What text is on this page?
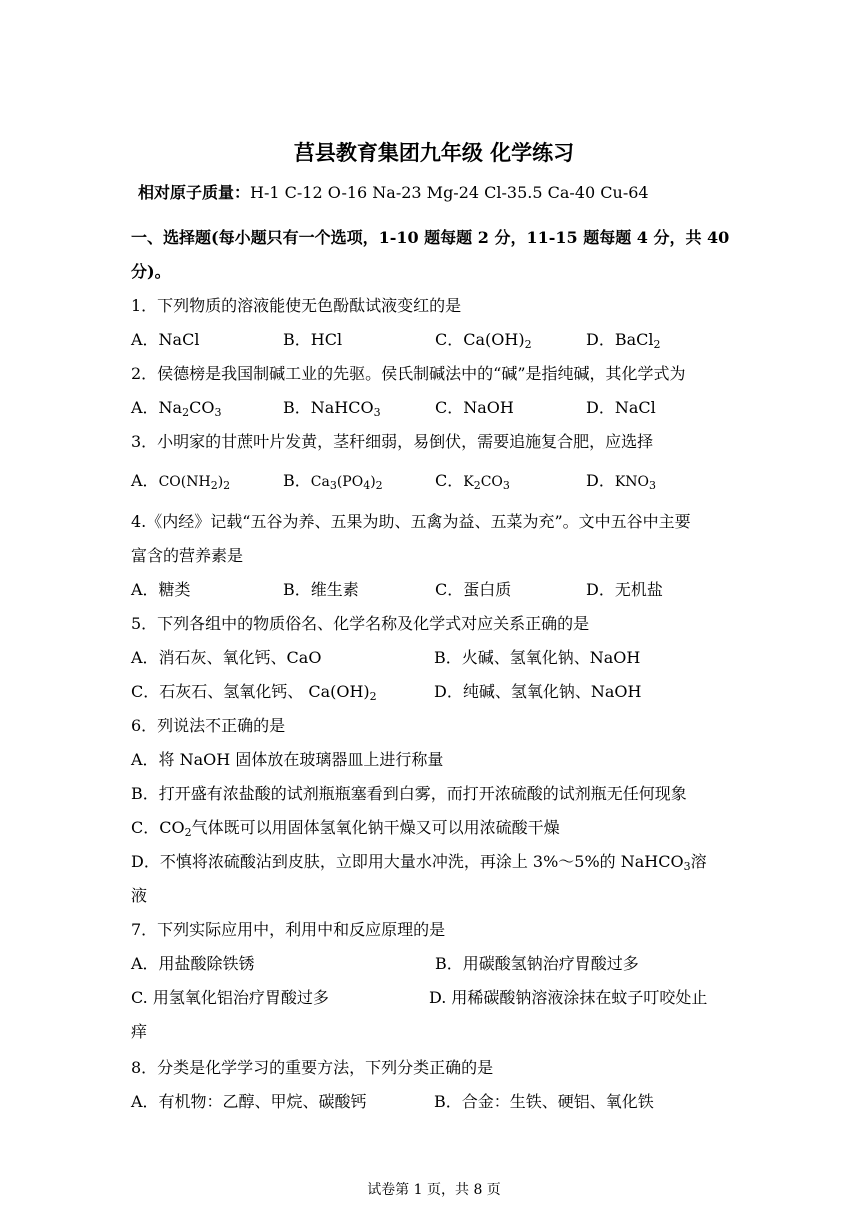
莒县教育集团九年级 化学练习
相对原子质量：H-1 C-12 O-16 Na-23 Mg-24 Cl-35.5 Ca-40 Cu-64
一、选择题(每小题只有一个选项，1-10 题每题 2 分，11-15 题每题 4 分，共 40
分)。
1．下列物质的溶液能使无色酚酞试液变红的是
A．NaCl	B．HCl	C．$Ca(OH)_2$	D．BaCl$_2$
2．侯德榜是我国制碱工业的先驱。侯氏制碱法中的“碱”是指纯碱，其化学式为
A．$Na_2CO_3$	B．NaHCO$_3$	C．NaOH	D．NaCl
3．小明家的甘蔗叶片发黄，茎秆细弱，易倒伏，需要追施复合肥，应选择
A．$CO(NH_2)_2$	B．$Ca_3(PO_4)_2$	C．$K_2CO_3$	D．$KNO_3$
4.《内经》记载“五谷为养、五果为助、五禽为益、五菜为充”。文中五谷中主要
富含的营养素是
A．糖类	B．维生素	C．蛋白质	D．无机盐
5．下列各组中的物质俗名、化学名称及化学式对应关系正确的是
A．消石灰、氧化钙、CaO	B．火碱、氢氧化钠、NaOH
C．石灰石、氢氧化钙、 $Ca(OH)_2$	D．纯碱、氢氧化钠、NaOH
6．列说法不正确的是
A．将 NaOH 固体放在玻璃器皿上进行称量
B．打开盛有浓盐酸的试剂瓶瓶塞看到白雾，而打开浓硫酸的试剂瓶无任何现象
C．$CO_2$气体既可以用固体氢氧化钠干燥又可以用浓硫酸干燥
D．不慎将浓硫酸沾到皮肤，立即用大量水冲洗，再涂上 3%～5%的 NaHCO$_3$溶
液
7．下列实际应用中，利用中和反应原理的是
A．用盐酸除铁锈	B．用碳酸氢钠治疗胃酸过多
C. 用氢氧化铝治疗胃酸过多	D. 用稀碳酸钠溶液涂抹在蚊子叮咬处止
痒
8．分类是化学学习的重要方法，下列分类正确的是
A．有机物：乙醇、甲烷、碳酸钙	B．合金：生铁、硬铝、氧化铁
试卷第 1 页，共 8 页
